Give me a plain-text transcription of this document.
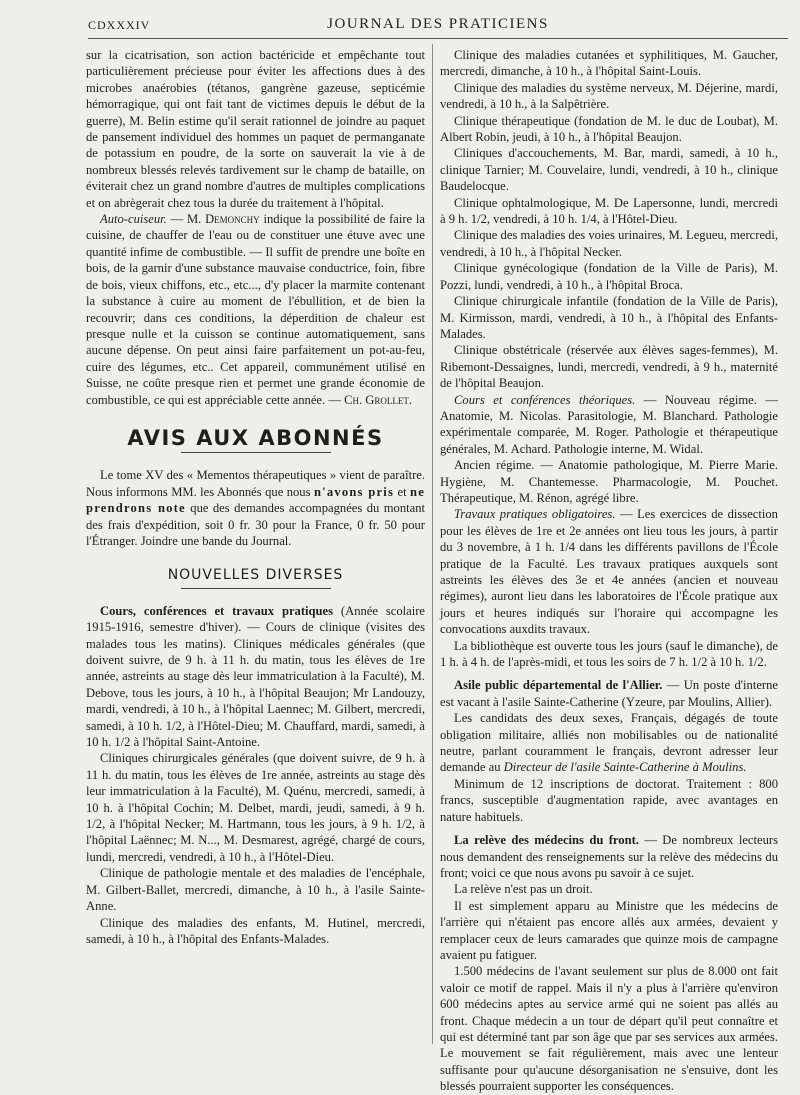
CDXXXIV	JOURNAL DES PRATICIENS

sur la cicatrisation, son action bactéricide et empêchante tout particulièrement précieuse pour éviter les affections dues à des microbes anaérobies (tétanos, gangrène gazeuse, septicémie hémorragique, qui ont fait tant de victimes depuis le début de la guerre), M. Belin estime qu'il serait rationnel de joindre au paquet de pansement individuel des hommes un paquet de permanganate de potassium en poudre, de la sorte on sauverait la vie à de nombreux blessés relevés tardivement sur le champ de bataille, on éviterait chez un grand nombre d'autres de multiples complications et on abrègerait chez tous la durée du traitement à l'hôpital.

Auto-cuiseur. — M. Demonchy indique la possibilité de faire la cuisine, de chauffer de l'eau ou de constituer une étuve avec une quantité infime de combustible. — Il suffit de prendre une boîte en bois, de la garnir d'une substance mauvaise conductrice, foin, fibre de bois, vieux chiffons, etc., etc..., d'y placer la marmite contenant la substance à cuire au moment de l'ébullition, et de bien la recouvrir; dans ces conditions, la déperdition de chaleur est presque nulle et la cuisson se continue automatiquement, sans aucune dépense. On peut ainsi faire parfaitement un pot-au-feu, cuire des légumes, etc.. Cet appareil, communément utilisé en Suisse, ne coûte presque rien et permet une grande économie de combustible, ce qui est appréciable cette année. — Ch. Grollet.

AVIS AUX ABONNÉS

Le tome XV des « Mementos thérapeutiques » vient de paraître. Nous informons MM. les Abonnés que nous n'avons pris et ne prendrons note que des demandes accompagnées du montant des frais d'expédition, soit 0 fr. 30 pour la France, 0 fr. 50 pour l'Étranger. Joindre une bande du Journal.

NOUVELLES DIVERSES

Cours, conférences et travaux pratiques (Année scolaire 1915-1916, semestre d'hiver). — Cours de clinique (visites des malades tous les matins). Cliniques médicales générales (que doivent suivre, de 9 h. à 11 h. du matin, tous les élèves de 1re année, astreints au stage dès leur immatriculation à la Faculté), M. Debove, tous les jours, à 10 h., à l'hôpital Beaujon; Mr Landouzy, mardi, vendredi, à 10 h., à l'hôpital Laennec; M. Gilbert, mercredi, samedi, à 10 h. 1/2, à l'Hôtel-Dieu; M. Chauffard, mardi, samedi, à 10 h. 1/2 à l'hôpital Saint-Antoine.

Cliniques chirurgicales générales (que doivent suivre, de 9 h. à 11 h. du matin, tous les élèves de 1re année, astreints au stage dès leur immatriculation à la Faculté), M. Quénu, mercredi, samedi, à 10 h. à l'hôpital Cochin; M. Delbet, mardi, jeudi, samedi, à 9 h. 1/2, à l'hôpital Necker; M. Hartmann, tous les jours, à 9 h. 1/2, à l'hôpital Laënnec; M. N..., M. Desmarest, agrégé, chargé de cours, lundi, mercredi, vendredi, à 10 h., à l'Hôtel-Dieu.

Clinique de pathologie mentale et des maladies de l'encéphale, M. Gilbert-Ballet, mercredi, dimanche, à 10 h., à l'asile Sainte-Anne.

Clinique des maladies des enfants, M. Hutinel, mercredi, samedi, à 10 h., à l'hôpital des Enfants-Malades.

Clinique des maladies cutanées et syphilitiques, M. Gaucher, mercredi, dimanche, à 10 h., à l'hôpital Saint-Louis.

Clinique des maladies du système nerveux, M. Déjerine, mardi, vendredi, à 10 h., à la Salpêtrière.

Clinique thérapeutique (fondation de M. le duc de Loubat), M. Albert Robin, jeudi, à 10 h., à l'hôpital Beaujon.

Cliniques d'accouchements, M. Bar, mardi, samedi, à 10 h., clinique Tarnier; M. Couvelaire, lundi, vendredi, à 10 h., clinique Baudelocque.

Clinique ophtalmologique, M. De Lapersonne, lundi, mercredi à 9 h. 1/2, vendredi, à 10 h. 1/4, à l'Hôtel-Dieu.

Clinique des maladies des voies urinaires, M. Legueu, mercredi, vendredi, à 10 h., à l'hôpital Necker.

Clinique gynécologique (fondation de la Ville de Paris), M. Pozzi, lundi, vendredi, à 10 h., à l'hôpital Broca.

Clinique chirurgicale infantile (fondation de la Ville de Paris), M. Kirmisson, mardi, vendredi, à 10 h., à l'hôpital des Enfants-Malades.

Clinique obstétricale (réservée aux élèves sages-femmes), M. Ribemont-Dessaignes, lundi, mercredi, vendredi, à 9 h., maternité de l'hôpital Beaujon.

Cours et conférences théoriques. — Nouveau régime. — Anatomie, M. Nicolas. Parasitologie, M. Blanchard. Pathologie expérimentale comparée, M. Roger. Pathologie et thérapeutique générales, M. Achard. Pathologie interne, M. Widal.

Ancien régime. — Anatomie pathologique, M. Pierre Marie. Hygiène, M. Chantemesse. Pharmacologie, M. Pouchet. Thérapeutique, M. Rénon, agrégé libre.

Travaux pratiques obligatoires. — Les exercices de dissection pour les élèves de 1re et 2e années ont lieu tous les jours, à partir du 3 novembre, à 1 h. 1/4 dans les différents pavillons de l'École pratique de la Faculté. Les travaux pratiques auxquels sont astreints les élèves des 3e et 4e années (ancien et nouveau régimes), auront lieu dans les laboratoires de l'École pratique aux jours et heures indiqués sur l'horaire qui accompagne les convocations auxdits travaux.

La bibliothèque est ouverte tous les jours (sauf le dimanche), de 1 h. à 4 h. de l'après-midi, et tous les soirs de 7 h. 1/2 à 10 h. 1/2.

Asile public départemental de l'Allier. — Un poste d'interne est vacant à l'asile Sainte-Catherine (Yzeure, par Moulins, Allier).

Les candidats des deux sexes, Français, dégagés de toute obligation militaire, alliés non mobilisables ou de nationalité neutre, parlant couramment le français, devront adresser leur demande au Directeur de l'asile Sainte-Catherine à Moulins.

Minimum de 12 inscriptions de doctorat. Traitement : 800 francs, susceptible d'augmentation rapide, avec avantages en nature habituels.

La relève des médecins du front. — De nombreux lecteurs nous demandent des renseignements sur la relève des médecins du front; voici ce que nous avons pu savoir à ce sujet.

La relève n'est pas un droit.

Il est simplement apparu au Ministre que les médecins de l'arrière qui n'étaient pas encore allés aux armées, devaient y remplacer ceux de leurs camarades que quinze mois de campagne avaient pu fatiguer.

1.500 médecins de l'avant seulement sur plus de 8.000 ont fait valoir ce motif de rappel. Mais il n'y a plus à l'arrière qu'environ 600 médecins aptes au service armé qui ne soient pas allés au front. Chaque médecin a un tour de départ qu'il peut connaître et qui est déterminé tant par son âge que par ses services aux armées. Le mouvement se fait régulièrement, mais avec une lenteur suffisante pour qu'aucune désorganisation ne s'ensuive, dont les blessés pourraient supporter les conséquences.
